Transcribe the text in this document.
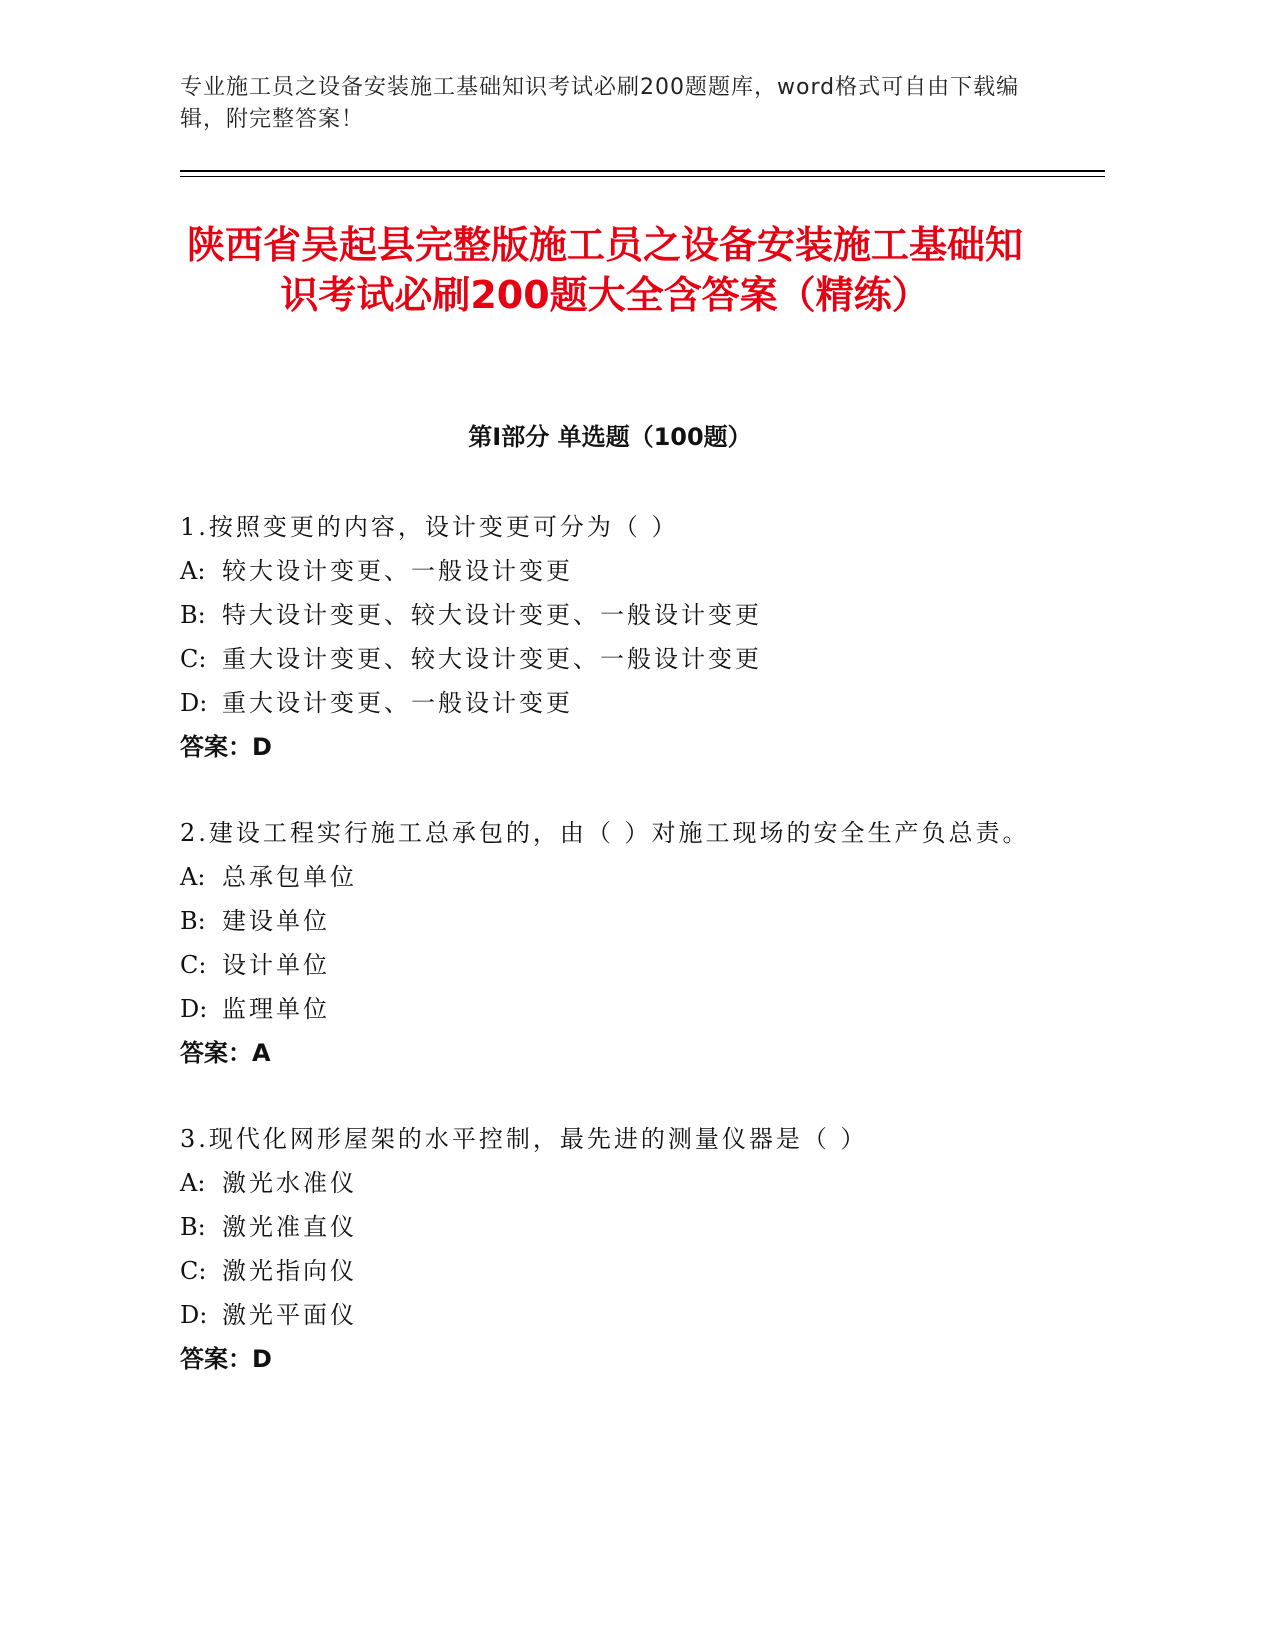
专业施工员之设备安装施工基础知识考试必刷200题题库，word格式可自由下载编辑，附完整答案！
陕西省吴起县完整版施工员之设备安装施工基础知识考试必刷200题大全含答案（精练）
第Ⅰ部分 单选题（100题）

1.按照变更的内容，设计变更可分为（ ）

A: 较大设计变更、一般设计变更

B: 特大设计变更、较大设计变更、一般设计变更

C: 重大设计变更、较大设计变更、一般设计变更

D: 重大设计变更、一般设计变更

答案：D

2.建设工程实行施工总承包的，由（ ）对施工现场的安全生产负总责。

A: 总承包单位

B: 建设单位

C: 设计单位

D: 监理单位

答案：A

3.现代化网形屋架的水平控制，最先进的测量仪器是（ ）

A: 激光水准仪

B: 激光准直仪

C: 激光指向仪

D: 激光平面仪

答案：D
